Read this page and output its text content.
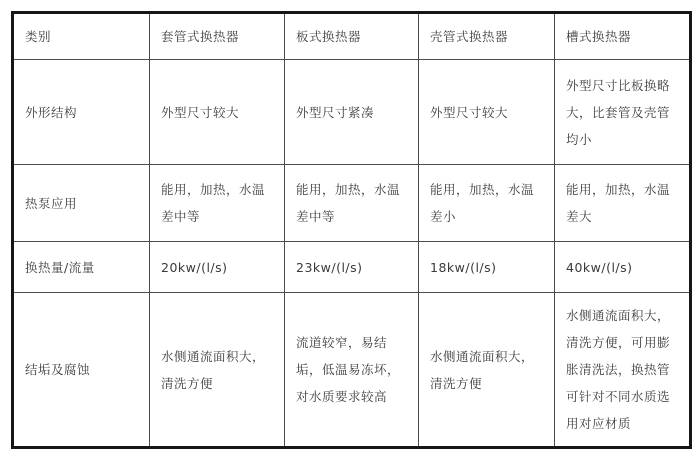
类别	套管式换热器	板式换热器	壳管式换热器	槽式换热器
外形结构	外型尺寸较大	外型尺寸紧凑	外型尺寸较大	外型尺寸比板换略大，比套管及壳管均小
热泵应用	能用，加热，水温差中等	能用，加热，水温差中等	能用，加热，水温差小	能用，加热，水温差大
换热量/流量	20kw/(l/s)	23kw/(l/s)	18kw/(l/s)	40kw/(l/s)
结垢及腐蚀	水侧通流面积大，清洗方便	流道较窄，易结垢，低温易冻坏，对水质要求较高	水侧通流面积大，清洗方便	水侧通流面积大，清洗方便，可用膨胀清洗法，换热管可针对不同水质选用对应材质
